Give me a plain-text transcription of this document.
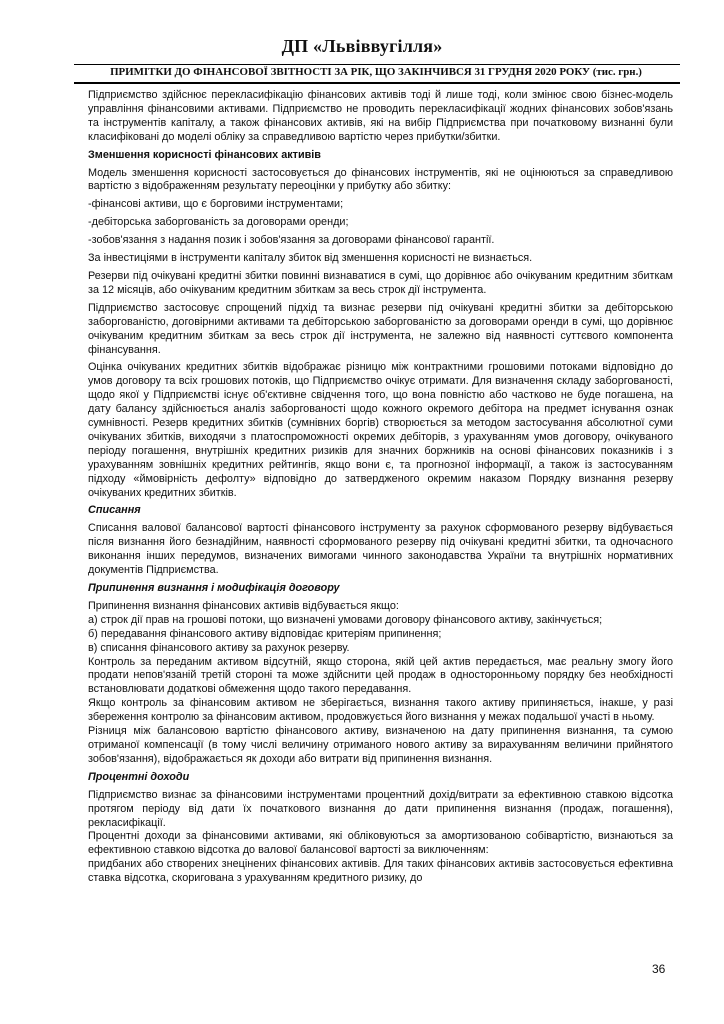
ДП «Львіввугілля»
ПРИМІТКИ ДО ФІНАНСОВОЇ ЗВІТНОСТІ ЗА РІК, ЩО ЗАКІНЧИВСЯ 31 ГРУДНЯ 2020 РОКУ (тис. грн.)

Підприємство здійснює перекласифікацію фінансових активів тоді й лише тоді, коли змінює свою бізнес-модель управління фінансовими активами. Підприємство не проводить перекласифікації жодних фінансових зобов'язань та інструментів капіталу, а також фінансових активів, які на вибір Підприємства при початковому визнанні були класифіковані до моделі обліку за справедливою вартістю через прибутки/збитки.

Зменшення корисності фінансових активів

Модель зменшення корисності застосовується до фінансових інструментів, які не оцінюються за справедливою вартістю з відображенням результату переоцінки у прибутку або збитку:

-фінансові активи, що є борговими інструментами;

-дебіторська заборгованість за договорами оренди;

-зобов'язання з надання позик і зобов'язання за договорами фінансової гарантії.

За інвестиціями в інструменти капіталу збиток від зменшення корисності не визнається.

Резерви під очікувані кредитні збитки повинні визнаватися в сумі, що дорівнює або очікуваним кредитним збиткам за 12 місяців, або очікуваним кредитним збиткам за весь строк дії інструмента.

Підприємство застосовує спрощений підхід та визнає резерви під очікувані кредитні збитки за дебіторською заборгованістю, договірними активами та дебіторською заборгованістю за договорами оренди в сумі, що дорівнює очікуваним кредитним збиткам за весь строк дії інструмента, не залежно від наявності суттєвого компонента фінансування.

Оцінка очікуваних кредитних збитків відображає різницю між контрактними грошовими потоками відповідно до умов договору та всіх грошових потоків, що Підприємство очікує отримати. Для визначення складу заборгованості, щодо якої у Підприємстві існує об'єктивне свідчення того, що вона повністю або частково не буде погашена, на дату балансу здійснюється аналіз заборгованості щодо кожного окремого дебітора на предмет існування ознак сумнівності. Резерв кредитних збитків (сумнівних боргів) створюється за методом застосування абсолютної суми очікуваних збитків, виходячи з платоспроможності окремих дебіторів, з урахуванням умов договору, очікуваного періоду погашення, внутрішніх кредитних ризиків для значних боржників на основі фінансових показників і з урахуванням зовнішніх кредитних рейтингів, якщо вони є, та прогнозної інформації, а також із застосуванням підходу «ймовірність дефолту» відповідно до затвердженого окремим наказом Порядку визнання резерву очікуваних кредитних збитків.

Списання

Списання валової балансової вартості фінансового інструменту за рахунок сформованого резерву відбувається після визнання його безнадійним, наявності сформованого резерву під очікувані кредитні збитки, та одночасного виконання інших передумов, визначених вимогами чинного законодавства України та внутрішніх нормативних документів Підприємства.

Припинення визнання і модифікація договору

Припинення визнання фінансових активів відбувається якщо:

а) строк дії прав на грошові потоки, що визначені умовами договору фінансового активу, закінчується;

б) передавання фінансового активу відповідає критеріям припинення;

в) списання фінансового активу за рахунок резерву.

Контроль за переданим активом відсутній, якщо сторона, якій цей актив передається, має реальну змогу його продати непов'язаній третій стороні та може здійснити цей продаж в односторонньому порядку без необхідності встановлювати додаткові обмеження щодо такого передавання.

Якщо контроль за фінансовим активом не зберігається, визнання такого активу припиняється, інакше, у разі збереження контролю за фінансовим активом, продовжується його визнання у межах подальшої участі в ньому.

Різниця між балансовою вартістю фінансового активу, визначеною на дату припинення визнання, та сумою отриманої компенсації (в тому числі величину отриманого нового активу за вирахуванням величини прийнятого зобов'язання), відображається як доходи або витрати від припинення визнання.

Процентні доходи

Підприємство визнає за фінансовими інструментами процентний дохід/витрати за ефективною ставкою відсотка протягом періоду від дати їх початкового визнання до дати припинення визнання (продаж, погашення), рекласифікації.

Процентні доходи за фінансовими активами, які обліковуються за амортизованою собівартістю, визнаються за ефективною ставкою відсотка до валової балансової вартості за виключенням:

придбаних або створених знецінених фінансових активів. Для таких фінансових активів застосовується ефективна ставка відсотка, скоригована з урахуванням кредитного ризику, до

36
